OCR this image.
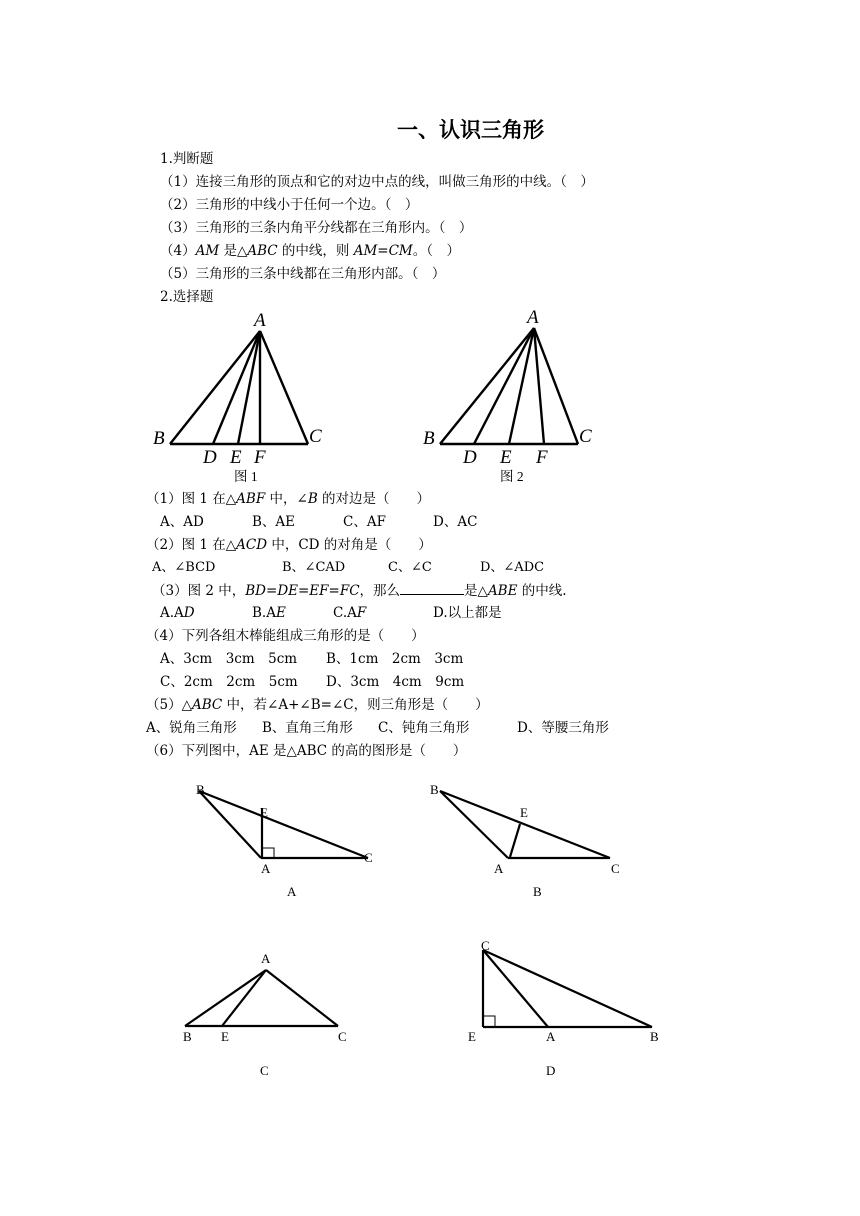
一、认识三角形
1.判断题
（1）连接三角形的顶点和它的对边中点的线，叫做三角形的中线。（　）
（2）三角形的中线小于任何一个边。（　）
（3）三角形的三条内角平分线都在三角形内。（　）
（4）AM 是△ABC 的中线，则 AM=CM。（　）
（5）三角形的三条中线都在三角形内部。（　）
2.选择题
A
B	C
D E F
图 1
A
B	C
D E F
图 2
（1）图 1 在△ABF 中，∠B 的对边是（　　）
A、AD	B、AE	C、AF	D、AC
（2）图 1 在△ACD 中，CD 的对角是（　　）
A、∠BCD	B、∠CAD	C、∠C	D、∠ADC
（3）图 2 中，BD=DE=EF=FC，那么	是△ABE 的中线.
A.AD	B.AE	C.AF	D.以上都是
（4）下列各组木棒能组成三角形的是（　　）
A、3cm　3cm　5cm B、1cm　2cm　3cm
C、2cm　2cm　5cm D、3cm　4cm　9cm
（5）△ABC 中，若∠A+∠B=∠C，则三角形是（　　）
A、锐角三角形 B、直角三角形 C、钝角三角形	D、等腰三角形
（6）下列图中，AE 是△ABC 的高的图形是（　　）
B
E
A
C
A
B
E
A	C
B
A
B E	C
C
C
E	A	B
D
